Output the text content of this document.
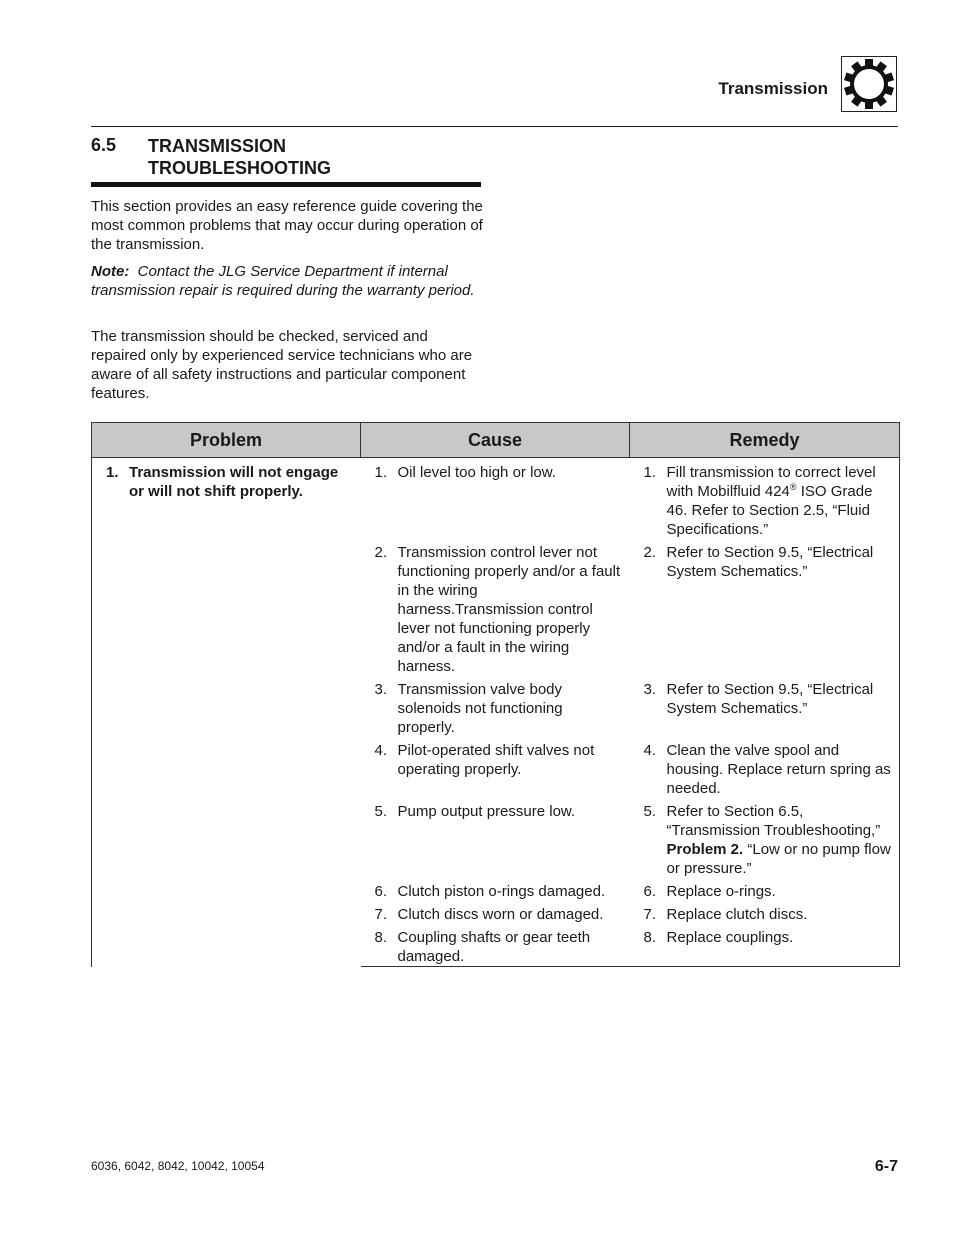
Transmission
6.5 TRANSMISSION
TROUBLESHOOTING

This section provides an easy reference guide covering the most common problems that may occur during operation of the transmission.

Note: Contact the JLG Service Department if internal transmission repair is required during the warranty period.

The transmission should be checked, serviced and repaired only by experienced service technicians who are aware of all safety instructions and particular component features.

Problem	Cause	Remedy

1. Transmission will not engage or will not shift properly.	1. Oil level too high or low.	1. Fill transmission to correct level with Mobilfluid 424® ISO Grade 46. Refer to Section 2.5, “Fluid Specifications.”

	2. Transmission control lever not functioning properly and/or a fault in the wiring harness.Transmission control lever not functioning properly and/or a fault in the wiring harness.	2. Refer to Section 9.5, “Electrical System Schematics.”

	3. Transmission valve body solenoids not functioning properly.	3. Refer to Section 9.5, “Electrical System Schematics.”

	4. Pilot-operated shift valves not operating properly.	4. Clean the valve spool and housing. Replace return spring as needed.

	5. Pump output pressure low.	5. Refer to Section 6.5, “Transmission Troubleshooting,” Problem 2. “Low or no pump flow or pressure.”

	6. Clutch piston o-rings damaged.	6. Replace o-rings.

	7. Clutch discs worn or damaged.	7. Replace clutch discs.

	8. Coupling shafts or gear teeth damaged.	8. Replace couplings.
6036, 6042, 8042, 10042, 10054	6-7
